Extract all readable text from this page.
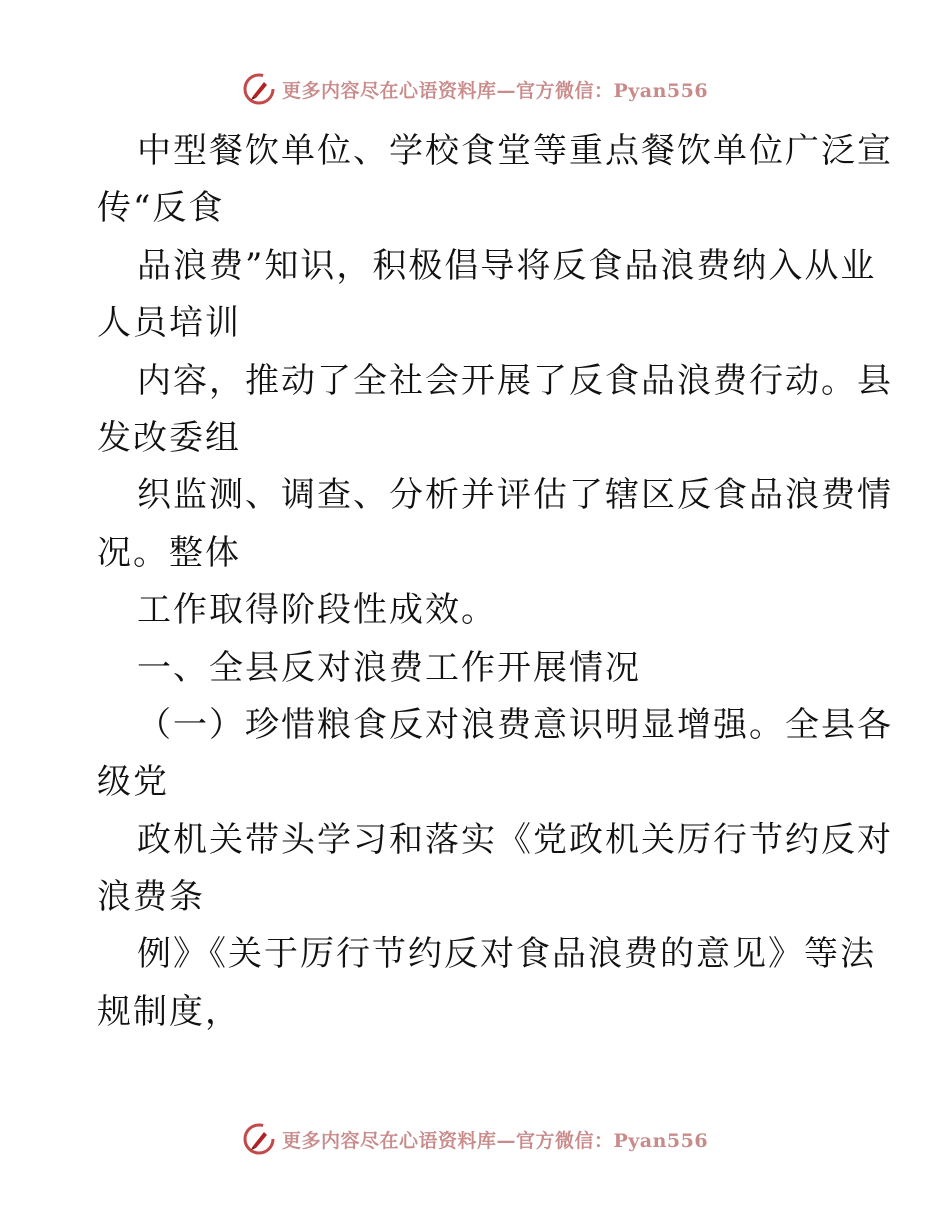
更多内容尽在心语资料库—官方微信：Pyan556
中型餐饮单位、学校食堂等重点餐饮单位广泛宣
传“反食
品浪费”知识，积极倡导将反食品浪费纳入从业
人员培训
内容，推动了全社会开展了反食品浪费行动。县
发改委组
织监测、调查、分析并评估了辖区反食品浪费情
况。整体
工作取得阶段性成效。
一、全县反对浪费工作开展情况
（一）珍惜粮食反对浪费意识明显增强。全县各
级党
政机关带头学习和落实《党政机关厉行节约反对
浪费条
例》《关于厉行节约反对食品浪费的意见》等法
规制度，
更多内容尽在心语资料库—官方微信：Pyan556
